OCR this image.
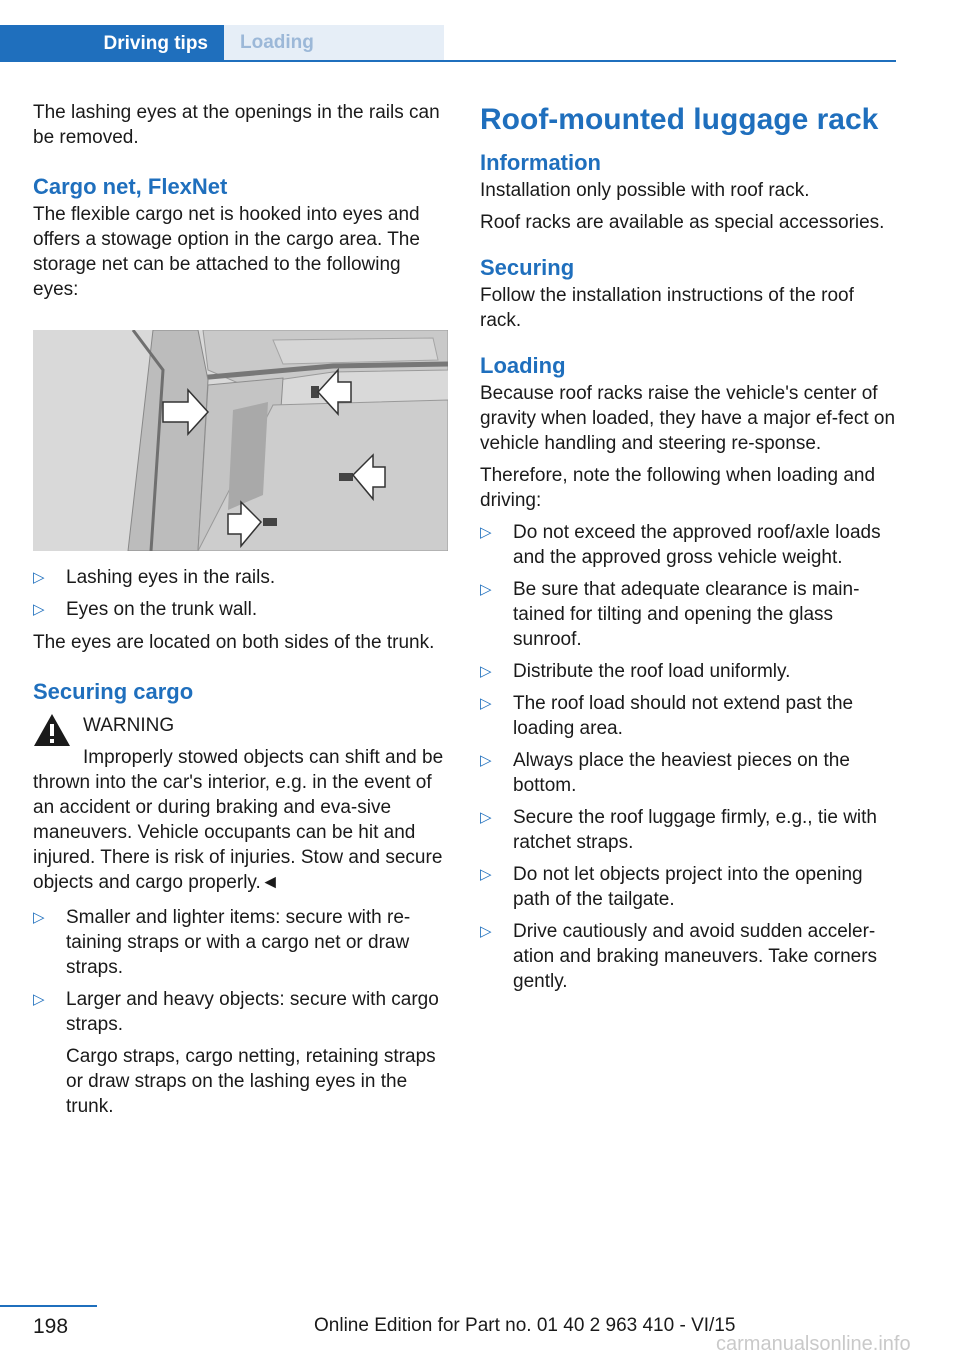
Driving tips	Loading

The lashing eyes at the openings in the rails can be removed.

Cargo net, FlexNet

The flexible cargo net is hooked into eyes and offers a stowage option in the cargo area. The storage net can be attached to the following eyes:

▷ Lashing eyes in the rails.
▷ Eyes on the trunk wall.

The eyes are located on both sides of the trunk.

Securing cargo
WARNING
Improperly stowed objects can shift and be thrown into the car's interior, e.g. in the event of an accident or during braking and eva-sive maneuvers. Vehicle occupants can be hit and injured. There is risk of injuries. Stow and secure objects and cargo properly.◄
▷ Smaller and lighter items: secure with re-taining straps or with a cargo net or draw straps.
▷ Larger and heavy objects: secure with cargo straps.
Cargo straps, cargo netting, retaining straps or draw straps on the lashing eyes in the trunk.
Roof-mounted luggage rack
Information

Installation only possible with roof rack.

Roof racks are available as special accessories.

Securing

Follow the installation instructions of the roof rack.

Loading

Because roof racks raise the vehicle's center of gravity when loaded, they have a major ef-fect on vehicle handling and steering re-sponse.

Therefore, note the following when loading and driving:

▷ Do not exceed the approved roof/axle loads and the approved gross vehicle weight.
▷ Be sure that adequate clearance is main-tained for tilting and opening the glass sunroof.
▷ Distribute the roof load uniformly.
▷ The roof load should not extend past the loading area.
▷ Always place the heaviest pieces on the bottom.
▷ Secure the roof luggage firmly, e.g., tie with ratchet straps.
▷ Do not let objects project into the opening path of the tailgate.
▷ Drive cautiously and avoid sudden acceler-ation and braking maneuvers. Take corners gently.
198	Online Edition for Part no. 01 40 2 963 410 - VI/15
carmanualsonline.info
